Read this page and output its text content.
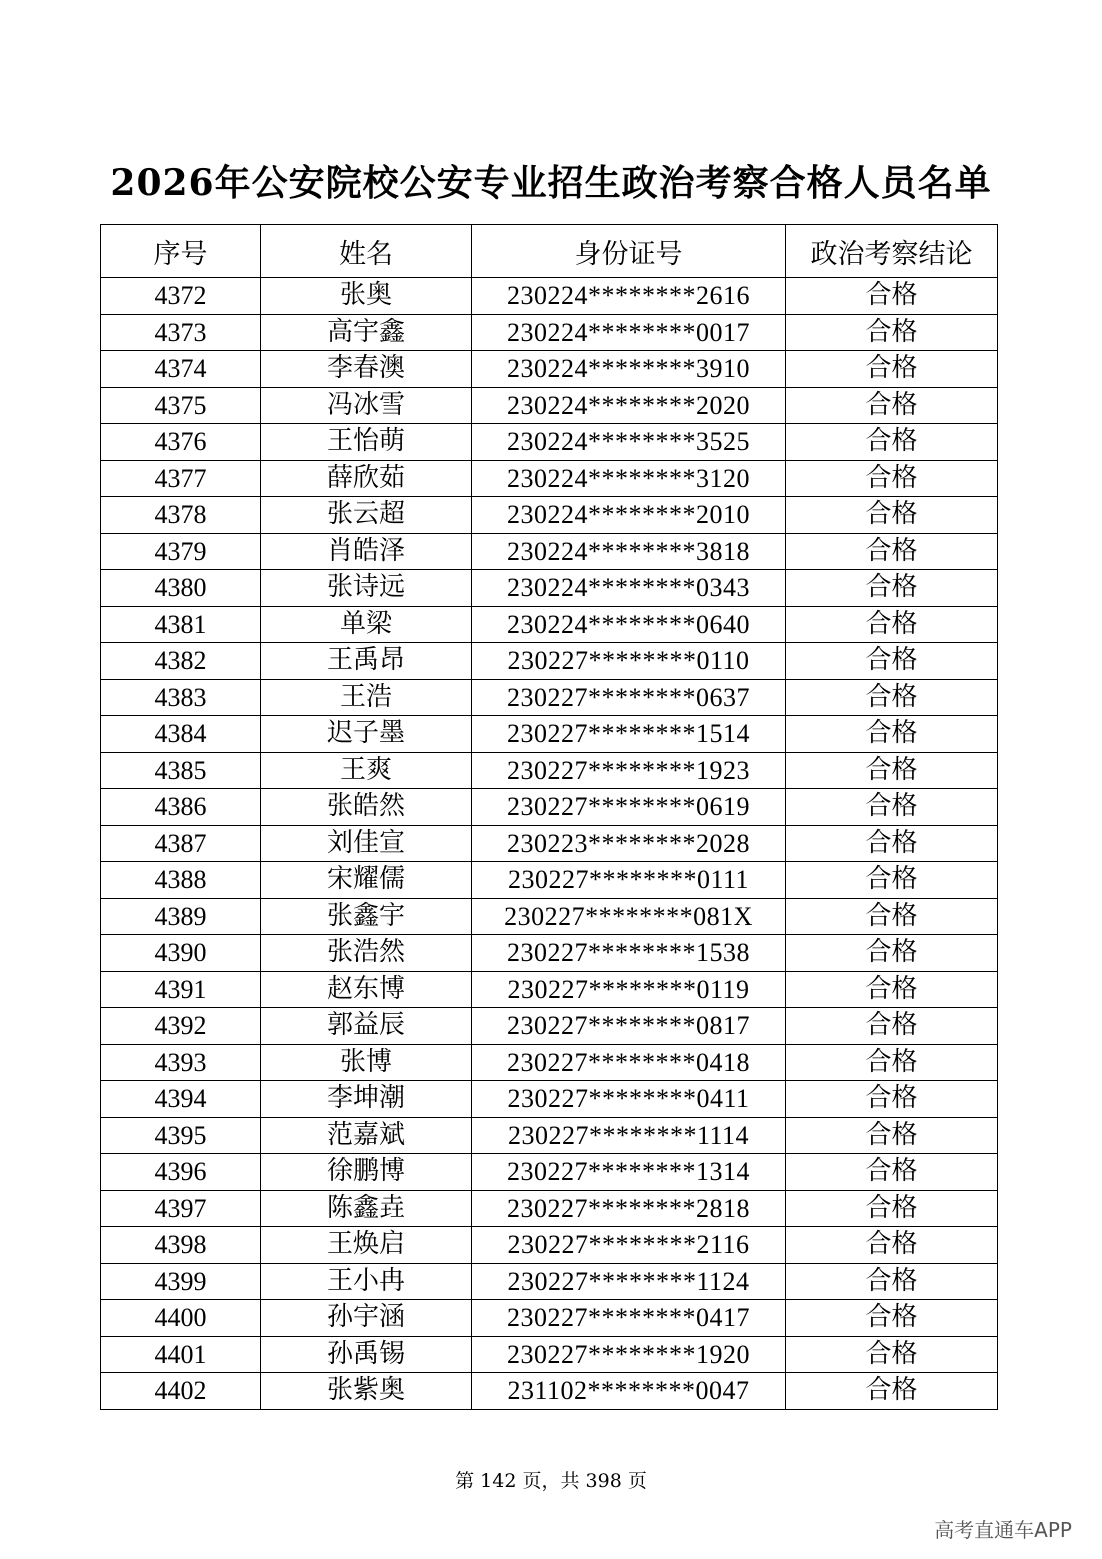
2026年公安院校公安专业招生政治考察合格人员名单
序号	姓名	身份证号	政治考察结论
4372	张奥	230224********2616	合格
4373	高宇鑫	230224********0017	合格
4374	李春澳	230224********3910	合格
4375	冯冰雪	230224********2020	合格
4376	王怡萌	230224********3525	合格
4377	薛欣茹	230224********3120	合格
4378	张云超	230224********2010	合格
4379	肖皓泽	230224********3818	合格
4380	张诗远	230224********0343	合格
4381	单梁	230224********0640	合格
4382	王禹昂	230227********0110	合格
4383	王浩	230227********0637	合格
4384	迟子墨	230227********1514	合格
4385	王爽	230227********1923	合格
4386	张皓然	230227********0619	合格
4387	刘佳宣	230223********2028	合格
4388	宋耀儒	230227********0111	合格
4389	张鑫宇	230227********081X	合格
4390	张浩然	230227********1538	合格
4391	赵东博	230227********0119	合格
4392	郭益辰	230227********0817	合格
4393	张博	230227********0418	合格
4394	李坤潮	230227********0411	合格
4395	范嘉斌	230227********1114	合格
4396	徐鹏博	230227********1314	合格
4397	陈鑫垚	230227********2818	合格
4398	王焕启	230227********2116	合格
4399	王小冉	230227********1124	合格
4400	孙宇涵	230227********0417	合格
4401	孙禹锡	230227********1920	合格
4402	张紫奥	231102********0047	合格
第 142 页，共 398 页
高考直通车APP
